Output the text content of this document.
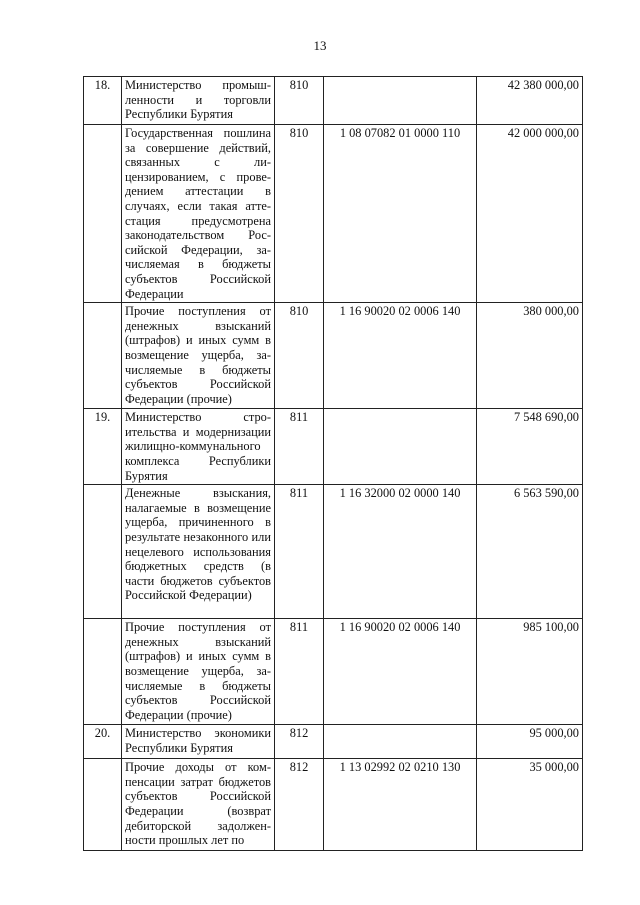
13
18.	Министерство промышленности и торговли Республики Бурятия	810		42 380 000,00
	Государственная пошлина за совершение действий, связанных с лицензированием, с проведением аттестации в случаях, если такая аттестация предусмотрена законодательством Российской Федерации, зачисляемая в бюджеты субъектов Российской Федерации	810	1 08 07082 01 0000 110	42 000 000,00
	Прочие поступления от денежных взысканий (штрафов) и иных сумм в возмещение ущерба, зачисляемые в бюджеты субъектов Российской Федерации (прочие)	810	1 16 90020 02 0006 140	380 000,00
19.	Министерство строительства и модернизации жилищно-коммунального комплекса Республики Бурятия	811		7 548 690,00
	Денежные взыскания, налагаемые в возмещение ущерба, причиненного в результате незаконного или нецелевого использования бюджетных средств (в части бюджетов субъектов Российской Федерации)	811	1 16 32000 02 0000 140	6 563 590,00
	Прочие поступления от денежных взысканий (штрафов) и иных сумм в возмещение ущерба, зачисляемые в бюджеты субъектов Российской Федерации (прочие)	811	1 16 90020 02 0006 140	985 100,00
20.	Министерство экономики Республики Бурятия	812		95 000,00
	Прочие доходы от компенсации затрат бюджетов субъектов Российской Федерации (возврат дебиторской задолженности прошлых лет по	812	1 13 02992 02 0210 130	35 000,00
